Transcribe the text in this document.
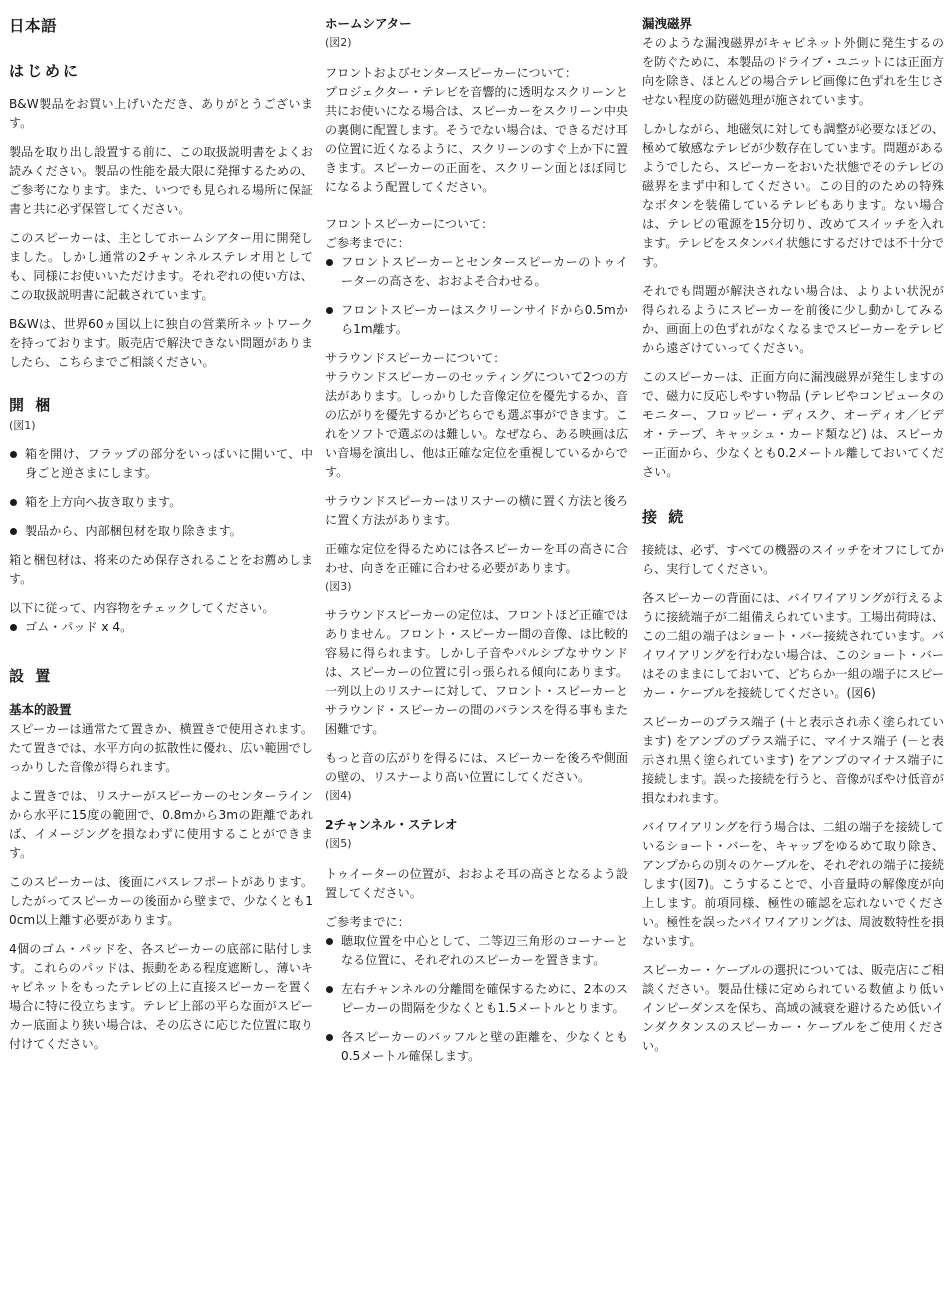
日本語
はじめに

B&W製品をお買い上げいただき、ありがとうございます。

製品を取り出し設置する前に、この取扱説明書をよくお読みください。製品の性能を最大限に発揮するための、ご参考になります。また、いつでも見られる場所に保証書と共に必ず保管してください。

このスピーカーは、主としてホームシアター用に開発しました。しかし通常の2チャンネルステレオ用としても、同様にお使いいただけます。それぞれの使い方は、この取扱説明書に記載されています。

B&Wは、世界60ヵ国以上に独自の営業所ネットワークを持っております。販売店で解決できない問題がありましたら、こちらまでご相談ください。

開 梱
(図1)
箱を開け、フラップの部分をいっぱいに開いて、中身ごと逆さまにします。
箱を上方向へ抜き取ります。
製品から、内部梱包材を取り除きます。

箱と梱包材は、将来のため保存されることをお薦めします。

以下に従って、内容物をチェックしてください。

ゴム・パッド x 4。
設 置
基本的設置

スピーカーは通常たて置きか、横置きで使用されます。たて置きでは、水平方向の拡散性に優れ、広い範囲でしっかりした音像が得られます。

よこ置きでは、リスナーがスピーカーのセンターラインから水平に15度の範囲で、0.8mから3mの距離であれば、イメージングを損なわずに使用することができます。

このスピーカーは、後面にバスレフポートがあります。したがってスピーカーの後面から壁まで、少なくとも10cm以上離す必要があります。

4個のゴム・パッドを、各スピーカーの底部に貼付します。これらのパッドは、振動をある程度遮断し、薄いキャビネットをもったテレビの上に直接スピーカーを置く場合に特に役立ちます。テレビ上部の平らな面がスピーカー底面より狭い場合は、その広さに応じた位置に取り付けてください。

ホームシアター
(図2)

フロントおよびセンタースピーカーについて：

プロジェクター・テレビを音響的に透明なスクリーンと共にお使いになる場合は、スピーカーをスクリーン中央の裏側に配置します。そうでない場合は、できるだけ耳の位置に近くなるように、スクリーンのすぐ上か下に置きます。スピーカーの正面を、スクリーン面とほぼ同じになるよう配置してください。

フロントスピーカーについて：

ご参考までに：

フロントスピーカーとセンタースピーカーのトゥイーターの高さを、おおよそ合わせる。
フロントスピーカーはスクリーンサイドから0.5mから1m離す。

サラウンドスピーカーについて：

サラウンドスピーカーのセッティングについて2つの方法があります。しっかりした音像定位を優先するか、音の広がりを優先するかどちらでも選ぶ事ができます。これをソフトで選ぶのは難しい。なぜなら、ある映画は広い音場を演出し、他は正確な定位を重視しているからです。

サラウンドスピーカーはリスナーの横に置く方法と後ろに置く方法があります。

正確な定位を得るためには各スピーカーを耳の高さに合わせ、向きを正確に合わせる必要があります。

(図3)

サラウンドスピーカーの定位は、フロントほど正確ではありません。フロント・スピーカー間の音像、は比較的容易に得られます。しかし子音やパルシブなサウンドは、スピーカーの位置に引っ張られる傾向にあります。一列以上のリスナーに対して、フロント・スピーカーとサラウンド・スピーカーの間のバランスを得る事もまた困難です。

もっと音の広がりを得るには、スピーカーを後ろや側面の壁の、リスナーより高い位置にしてください。

(図4)
2チャンネル・ステレオ
(図5)

トゥイーターの位置が、おおよそ耳の高さとなるよう設置してください。

ご参考までに：

聴取位置を中心として、二等辺三角形のコーナーとなる位置に、それぞれのスピーカーを置きます。
左右チャンネルの分離間を確保するために、2本のスピーカーの間隔を少なくとも1.5メートルとります。
各スピーカーのバッフルと壁の距離を、少なくとも0.5メートル確保します。
漏洩磁界

そのような漏洩磁界がキャビネット外側に発生するのを防ぐために、本製品のドライブ・ユニットには正面方向を除き、ほとんどの場合テレビ画像に色ずれを生じさせない程度の防磁処理が施されています。

しかしながら、地磁気に対しても調整が必要なほどの、極めて敏感なテレビが少数存在しています。問題があるようでしたら、スピーカーをおいた状態でそのテレビの磁界をまず中和してください。この目的のための特殊なボタンを装備しているテレビもあります。ない場合は、テレビの電源を15分切り、改めてスイッチを入れます。テレビをスタンバイ状態にするだけでは不十分です。

それでも問題が解決されない場合は、よりよい状況が得られるようにスピーカーを前後に少し動かしてみるか、画面上の色ずれがなくなるまでスピーカーをテレビから遠ざけていってください。

このスピーカーは、正面方向に漏洩磁界が発生しますので、磁力に反応しやすい物品 (テレビやコンピュータのモニター、フロッピー・ディスク、オーディオ／ビデオ・テープ、キャッシュ・カード類など) は、スピーカー正面から、少なくとも0.2メートル離しておいてください。

接 続

接続は、必ず、すべての機器のスイッチをオフにしてから、実行してください。

各スピーカーの背面には、バイワイアリングが行えるように接続端子が二組備えられています。工場出荷時は、この二組の端子はショート・バー接続されています。バイワイアリングを行わない場合は、このショート・バーはそのままにしておいて、どちらか一組の端子にスピーカー・ケーブルを接続してください。(図6)

スピーカーのプラス端子 (＋と表示され赤く塗られています) をアンプのプラス端子に、マイナス端子 (－と表示され黒く塗られています) をアンプのマイナス端子に接続します。誤った接続を行うと、音像がぼやけ低音が損なわれます。

バイワイアリングを行う場合は、二組の端子を接続しているショート・バーを、キャップをゆるめて取り除き、アンプからの別々のケーブルを、それぞれの端子に接続します(図7)。こうすることで、小音量時の解像度が向上します。前項同様、極性の確認を忘れないでください。極性を誤ったバイワイアリングは、周波数特性を損ないます。

スピーカー・ケーブルの選択については、販売店にご相談ください。製品仕様に定められている数値より低いインピーダンスを保ち、高域の減衰を避けるため低いインダクタンスのスピーカー・ケーブルをご使用ください。
